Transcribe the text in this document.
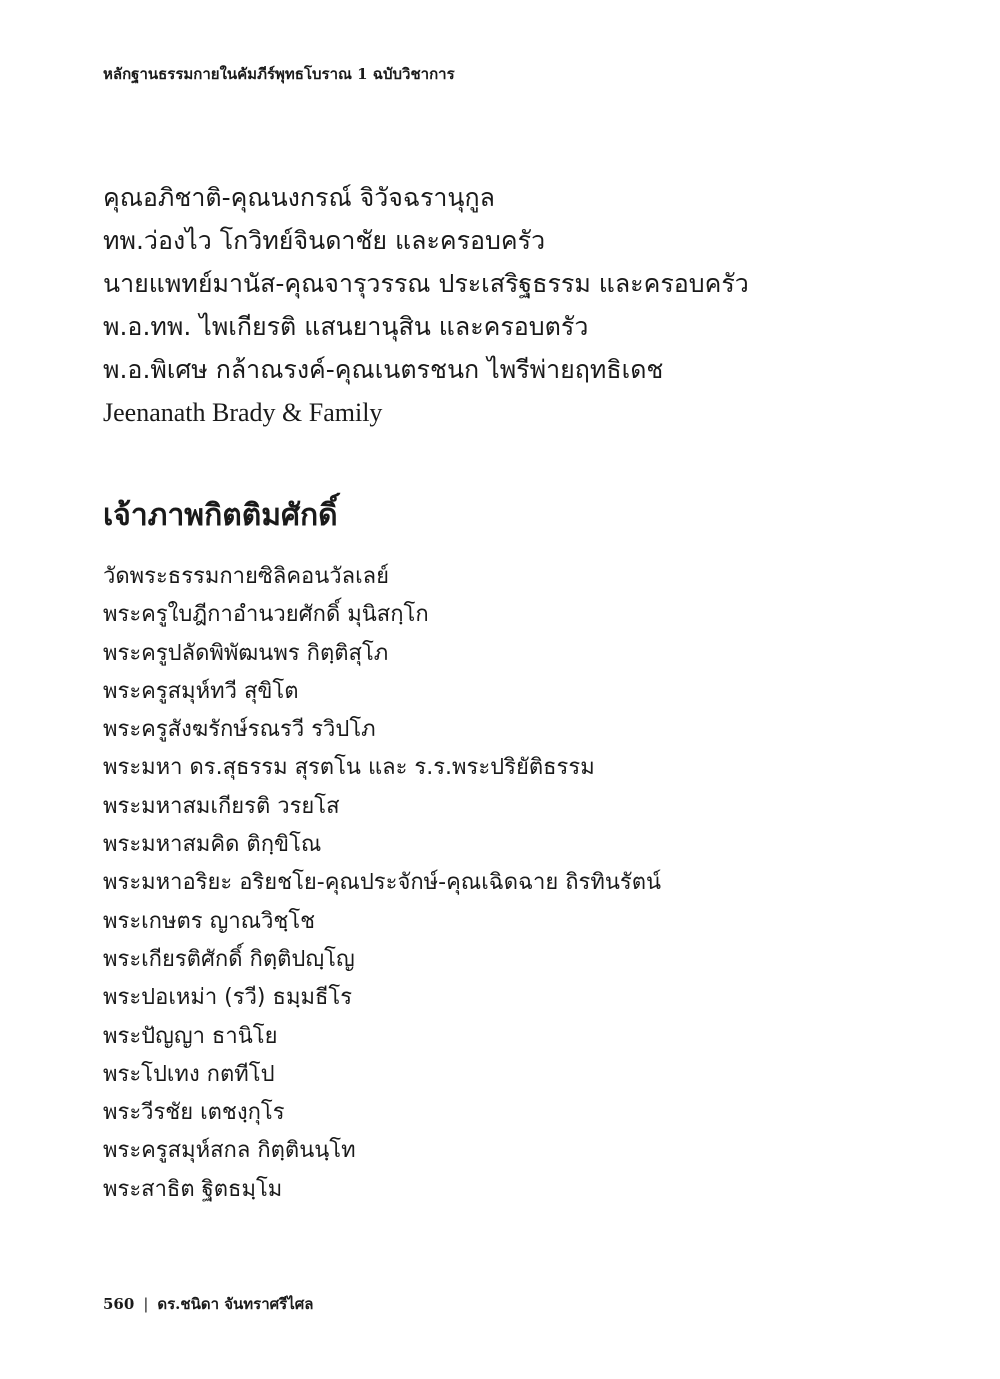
หลักฐานธรรมกายในคัมภีร์พุทธโบราณ 1 ฉบับวิชาการ
คุณอภิชาติ-คุณนงกรณ์ จิวัจฉรานุกูล
ทพ.ว่องไว โกวิทย์จินดาชัย และครอบครัว
นายแพทย์มานัส-คุณจารุวรรณ ประเสริฐธรรม และครอบครัว
พ.อ.ทพ. ไพเกียรติ แสนยานุสิน และครอบตรัว
พ.อ.พิเศษ กล้าณรงค์-คุณเนตรชนก ไพรีพ่ายฤทธิเดช
Jeenanath Brady & Family
เจ้าภาพกิตติมศักดิ์
วัดพระธรรมกายซิลิคอนวัลเลย์
พระครูใบฎีกาอำนวยศักดิ์ มุนิสกฺโก
พระครูปลัดพิพัฒนพร กิตฺติสุโภ
พระครูสมุห์ทวี สุขิโต
พระครูสังฆรักษ์รณรวี รวิปโภ
พระมหา ดร.สุธรรม สุรตโน และ ร.ร.พระปริยัติธรรม
พระมหาสมเกียรติ วรยโส
พระมหาสมคิด ติกฺขิโณ
พระมหาอริยะ อริยชโย-คุณประจักษ์-คุณเฉิดฉาย ถิรทินรัตน์
พระเกษตร ญาณวิชฺโช
พระเกียรติศักดิ์ กิตฺติปญฺโญ
พระปอเหม่า (รวี) ธมฺมธีโร
พระปัญญา ธานิโย
พระโปเทง กตทีโป
พระวีรชัย เตชงฺกุโร
พระครูสมุห์สกล กิตฺตินนฺโท
พระสาธิต ฐิตธมฺโม
560 | ดร.ชนิดา จันทราศรีไศล
